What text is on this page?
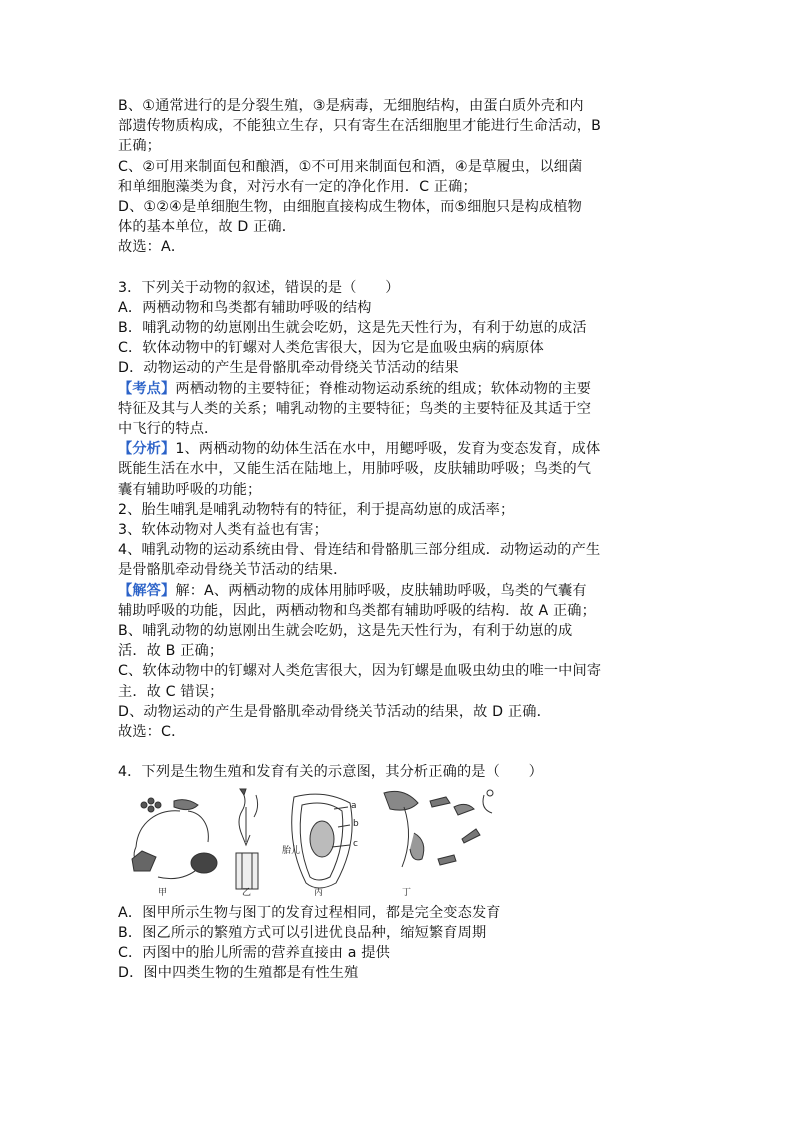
B、①通常进行的是分裂生殖，③是病毒，无细胞结构，由蛋白质外壳和内
部遗传物质构成，不能独立生存，只有寄生在活细胞里才能进行生命活动，B
正确；
C、②可用来制面包和酿酒，①不可用来制面包和酒，④是草履虫，以细菌
和单细胞藻类为食，对污水有一定的净化作用．C 正确；
D、①②④是单细胞生物，由细胞直接构成生物体，而⑤细胞只是构成植物
体的基本单位，故 D 正确．
故选：A．
3．下列关于动物的叙述，错误的是（　　）
A．两栖动物和鸟类都有辅助呼吸的结构
B．哺乳动物的幼崽刚出生就会吃奶，这是先天性行为，有利于幼崽的成活
C．软体动物中的钉螺对人类危害很大，因为它是血吸虫病的病原体
D．动物运动的产生是骨骼肌牵动骨绕关节活动的结果
【考点】两栖动物的主要特征；脊椎动物运动系统的组成；软体动物的主要
特征及其与人类的关系；哺乳动物的主要特征；鸟类的主要特征及其适于空
中飞行的特点．
【分析】1、两栖动物的幼体生活在水中，用鳃呼吸，发育为变态发育，成体
既能生活在水中，又能生活在陆地上，用肺呼吸，皮肤辅助呼吸；鸟类的气
囊有辅助呼吸的功能；
2、胎生哺乳是哺乳动物特有的特征，利于提高幼崽的成活率；
3、软体动物对人类有益也有害；
4、哺乳动物的运动系统由骨、骨连结和骨骼肌三部分组成．动物运动的产生
是骨骼肌牵动骨绕关节活动的结果．
【解答】解：A、两栖动物的成体用肺呼吸，皮肤辅助呼吸，鸟类的气囊有
辅助呼吸的功能，因此，两栖动物和鸟类都有辅助呼吸的结构．故 A 正确；
B、哺乳动物的幼崽刚出生就会吃奶，这是先天性行为，有利于幼崽的成
活．故 B 正确；
C、软体动物中的钉螺对人类危害很大，因为钉螺是血吸虫幼虫的唯一中间寄
主．故 C 错误；
D、动物运动的产生是骨骼肌牵动骨绕关节活动的结果，故 D 正确．
故选：C．
4．下列是生物生殖和发育有关的示意图，其分析正确的是（　　）
甲	乙	丙	丁
胎儿
a
b
c
A．图甲所示生物与图丁的发育过程相同，都是完全变态发育
B．图乙所示的繁殖方式可以引进优良品种，缩短繁育周期
C．丙图中的胎儿所需的营养直接由 a 提供
D．图中四类生物的生殖都是有性生殖
